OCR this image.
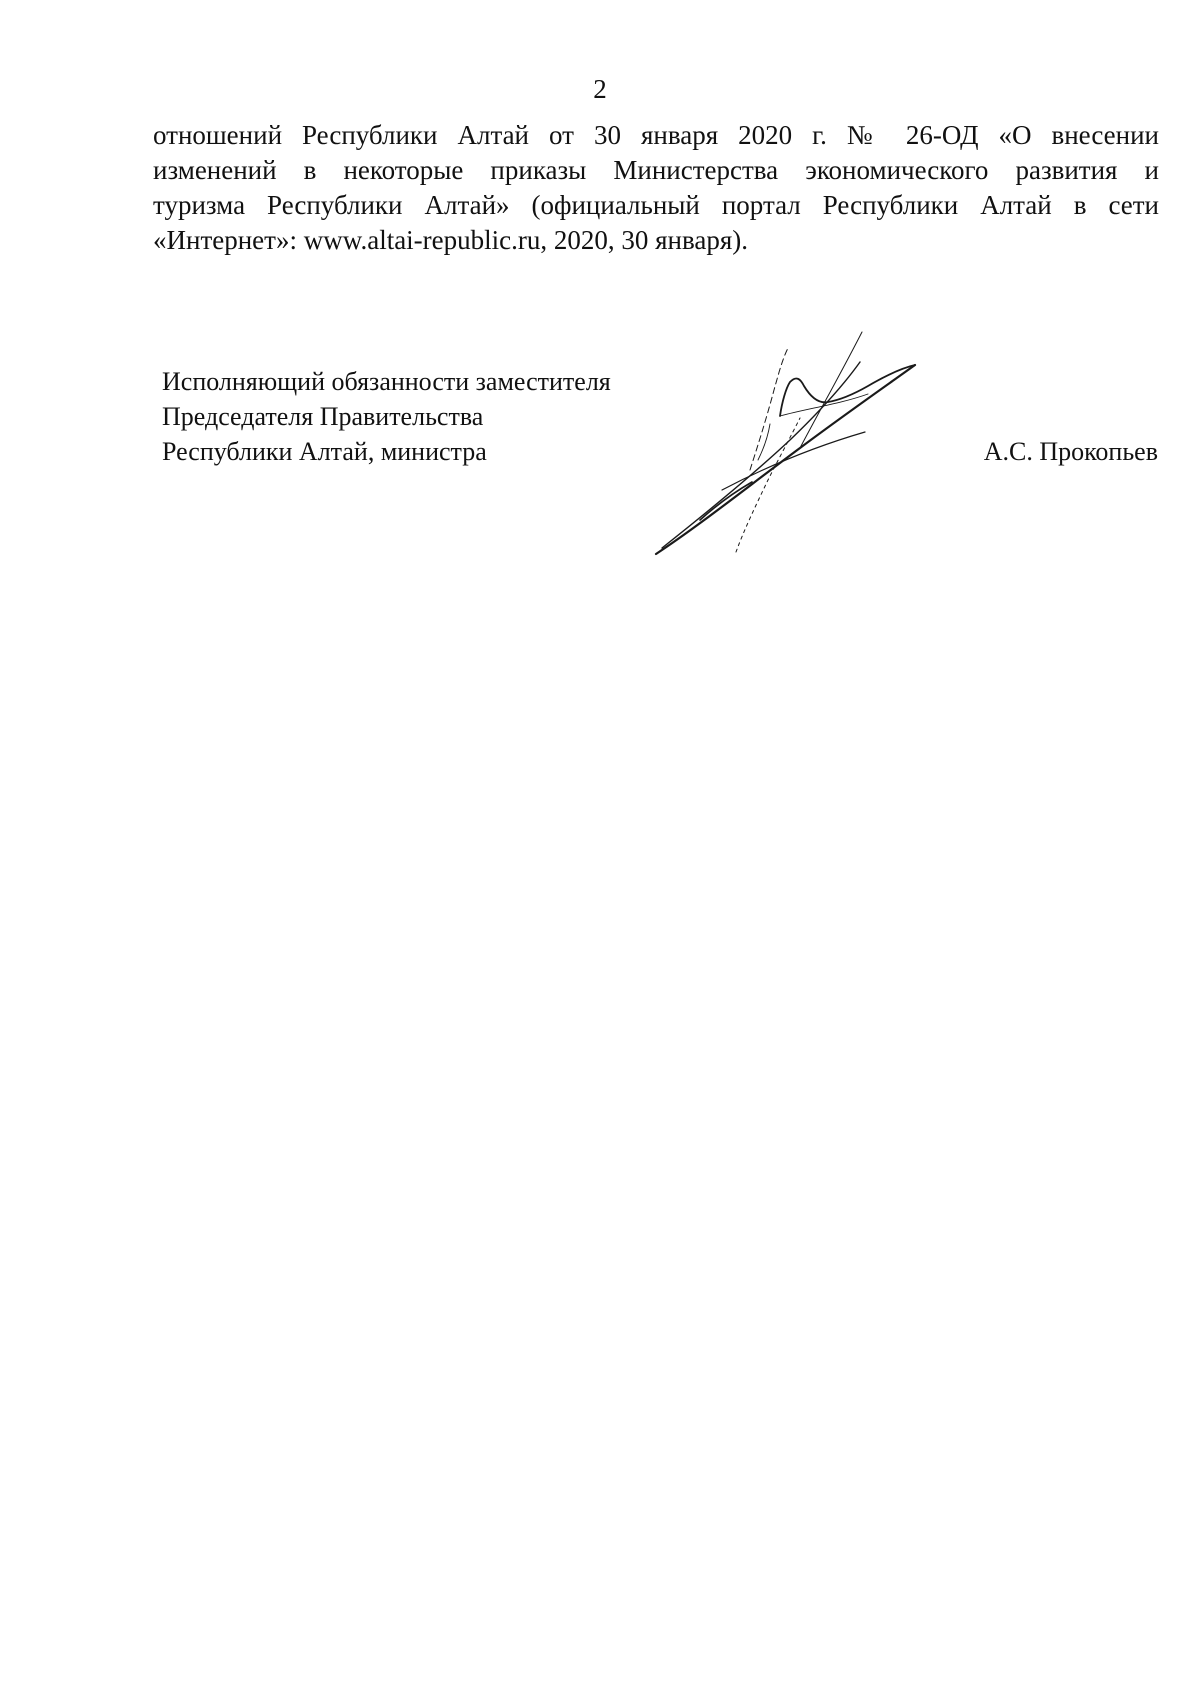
2

отношений Республики Алтай от 30 января 2020 г. № 26-ОД «О внесении
изменений в некоторые приказы Министерства экономического развития и
туризма Республики Алтай» (официальный портал Республики Алтай в сети
«Интернет»: www.altai-republic.ru, 2020, 30 января).

Исполняющий обязанности заместителя
Председателя Правительства
Республики Алтай, министра	А.С. Прокопьев
